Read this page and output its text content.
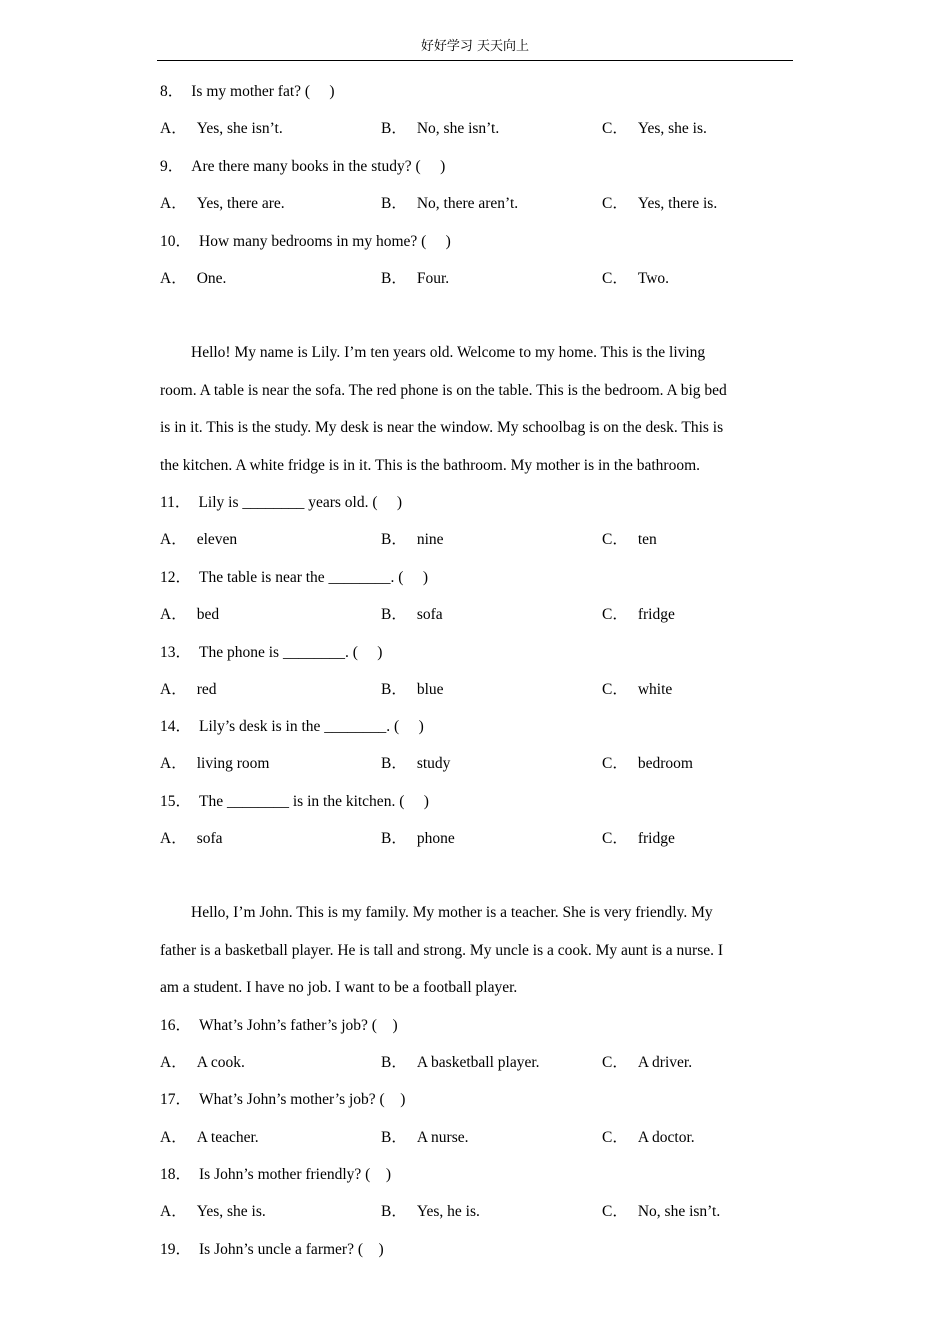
好好学习 天天向上
8． Is my mother fat? (　 )
A． Yes, she isn’t.	B． No, she isn’t.	C． Yes, she is.
9． Are there many books in the study? (　 )
A． Yes, there are.	B． No, there aren’t.	C． Yes, there is.
10． How many bedrooms in my home? (　 )
A． One.	B． Four.	C． Two.
　　Hello! My name is Lily. I’m ten years old. Welcome to my home. This is the living
room. A table is near the sofa. The red phone is on the table. This is the bedroom. A big bed
is in it. This is the study. My desk is near the window. My schoolbag is on the desk. This is
the kitchen. A white fridge is in it. This is the bathroom. My mother is in the bathroom.
11． Lily is ________ years old. (　 )
A． eleven	B． nine	C． ten
12． The table is near the ________. (　 )
A． bed	B． sofa	C． fridge
13． The phone is ________. (　 )
A． red	B． blue	C． white
14． Lily’s desk is in the ________. (　 )
A． living room	B． study	C． bedroom
15． The ________ is in the kitchen. (　 )
A． sofa	B． phone	C． fridge
　　Hello, I’m John. This is my family. My mother is a teacher. She is very friendly. My
father is a basketball player. He is tall and strong. My uncle is a cook. My aunt is a nurse. I
am a student. I have no job. I want to be a football player.
16． What’s John’s father’s job? (　)
A． A cook.	B． A basketball player.	C． A driver.
17． What’s John’s mother’s job? (　)
A． A teacher.	B． A nurse.	C． A doctor.
18． Is John’s mother friendly? (　)
A． Yes, she is.	B． Yes, he is.	C． No, she isn’t.
19． Is John’s uncle a farmer? (　)
